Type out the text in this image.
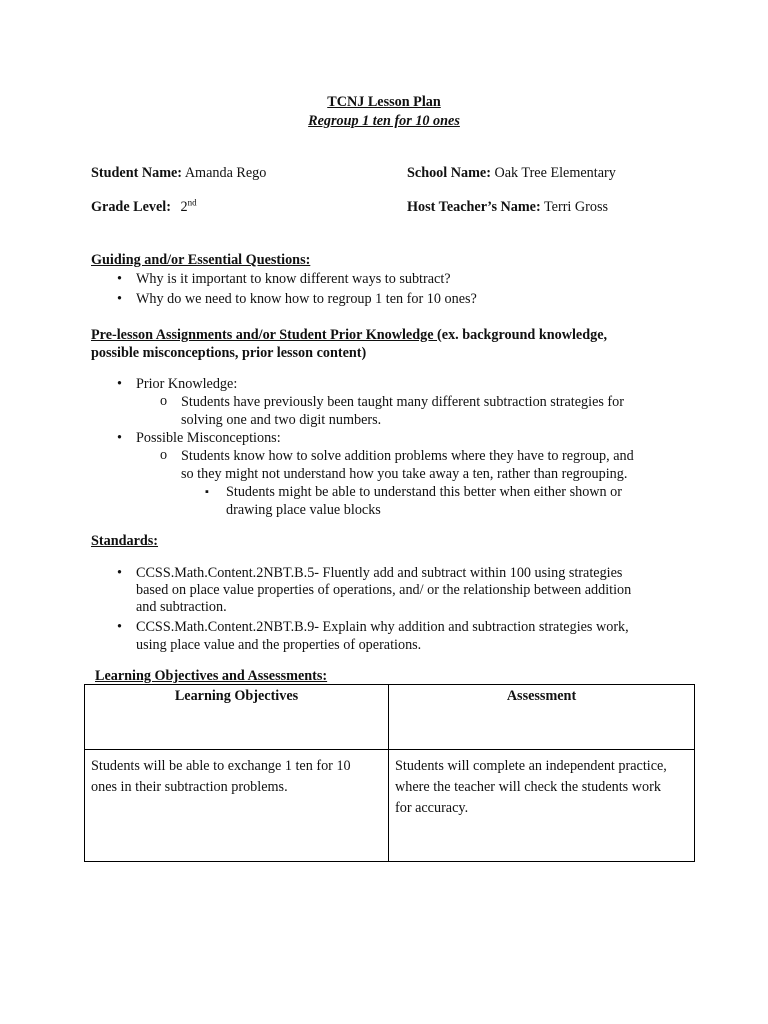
TCNJ Lesson Plan
Regroup 1 ten for 10 ones
Student Name: Amanda Rego	School Name: Oak Tree Elementary
Grade Level: 2nd	Host Teacher’s Name: Terri Gross
Guiding and/or Essential Questions:
• Why is it important to know different ways to subtract?
• Why do we need to know how to regroup 1 ten for 10 ones?
Pre-lesson Assignments and/or Student Prior Knowledge (ex. background knowledge,
possible misconceptions, prior lesson content)
• Prior Knowledge:
o Students have previously been taught many different subtraction strategies for
solving one and two digit numbers.
• Possible Misconceptions:
o Students know how to solve addition problems where they have to regroup, and
so they might not understand how you take away a ten, rather than regrouping.
▪ Students might be able to understand this better when either shown or
drawing place value blocks
Standards:
• CCSS.Math.Content.2NBT.B.5- Fluently add and subtract within 100 using strategies
based on place value properties of operations, and/ or the relationship between addition
and subtraction.
• CCSS.Math.Content.2NBT.B.9- Explain why addition and subtraction strategies work,
using place value and the properties of operations.
Learning Objectives and Assessments:
Learning Objectives	Assessment

Students will be able to exchange 1 ten for 10
ones in their subtraction problems.	Students will complete an independent practice,
where the teacher will check the students work
for accuracy.
